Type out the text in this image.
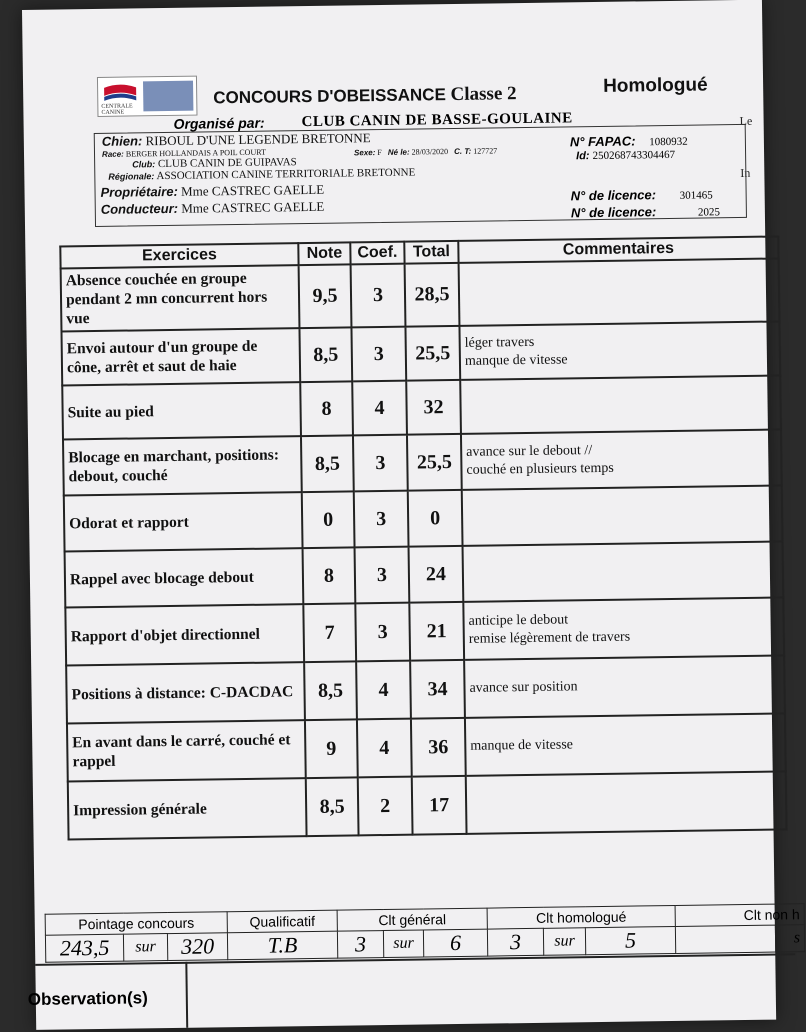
CENTRALE CANINE
CONCOURS D'OBEISSANCE Classe 2	Homologué
Le
In
Organisé par: CLUB CANIN DE BASSE-GOULAINE
Chien: RIBOUL D'UNE LEGENDE BRETONNE
Race: BERGER HOLLANDAIS A POIL COURT	Sexe: F Né le: 28/03/2020 C. T: 127727
Club: CLUB CANIN DE GUIPAVAS
Régionale: ASSOCIATION CANINE TERRITORIALE BRETONNE
Propriétaire: Mme CASTREC GAELLE
Conducteur: Mme CASTREC GAELLE
N° FAPAC: 1080932
Id: 250268743304467
N° de licence: 301465
N° de licence:	2025
Exercices	Note	Coef.	Total	Commentaires
Absence couchée en groupe pendant 2 mn concurrent hors vue	9,5	3	28,5	
Envoi autour d'un groupe de cône, arrêt et saut de haie	8,5	3	25,5	léger travers
manque de vitesse
Suite au pied	8	4	32	
Blocage en marchant, positions: debout, couché	8,5	3	25,5	avance sur le debout //
couché en plusieurs temps
Odorat et rapport	0	3	0	
Rappel avec blocage debout	8	3	24	
Rapport d'objet directionnel	7	3	21	anticipe le debout
remise légèrement de travers
Positions à distance: C-DACDAC	8,5	4	34	avance sur position
En avant dans le carré, couché et rappel	9	4	36	manque de vitesse
Impression générale	8,5	2	17	
Pointage concours			Qualificatif	Clt général			Clt homologué			Clt non h	
243,5	sur	320	T.B	3	sur	6	3	sur	5		s
Observation(s)
